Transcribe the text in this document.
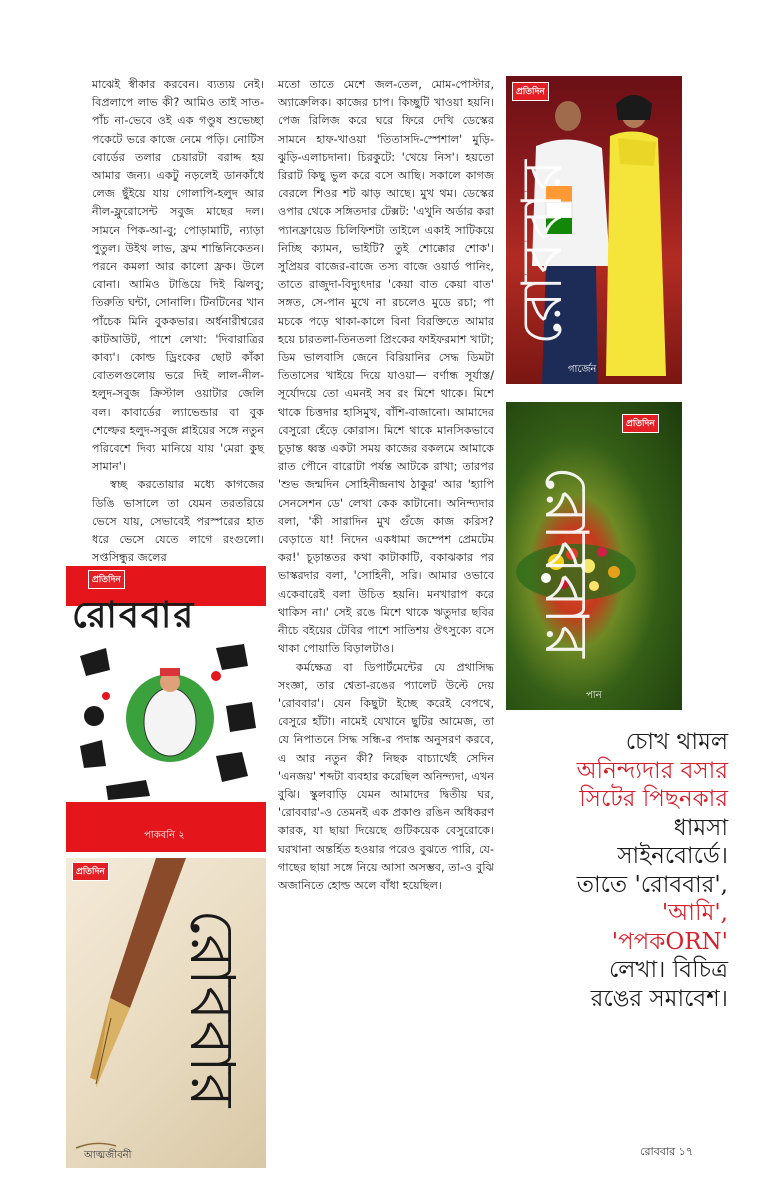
মাঝেই স্বীকার করবেন। ব্যত্যয় নেই। বিপ্রলাপে লাভ কী? আমিও তাই সাত-পাঁচ না-ভেবে ওই এক গণ্ডুষ শুভেচ্ছা পকেটে ভরে কাজে নেমে পড়ি। নোটিস বোর্ডের তলার চেয়ারটা বরাদ্দ হয় আমার জন্য। একটু নড়লেই ডানকাঁধে লেজ ছুঁইয়ে যায় গোলাপি-হলুদ আর নীল-ফ্লুরোসেন্ট সবুজ মাছের দল। সামনে পিক-আ-বু; পোড়ামাটি, ন্যাড়া পুতুল। উইথ লাভ, ফ্রম শান্তিনিকেতন। পরনে কমলা আর কালো ফ্রক। উলে বোনা। আমিও টাঙিয়ে দিই ঝিলবু; তিরুতি ঘন্টা, সোনালি। টিনটিনের খান পাঁচেক মিনি বুককভার। অর্ধনারীশ্বরের কাটআউট, পাশে লেখা: 'দিবারাত্রির কাব্য'। কোল্ড ড্রিংকের ছোট কাঁকা বোতলগুলোয় ভরে দিই লাল-নীল-হলুদ-সবুজ ক্রিস্টাল ওয়াটার জেলি বল। কাবার্ডের ল্যাভেন্ডার বা বুক শেল্ফের হলুদ-সবুজ প্লাইয়ের সঙ্গে নতুন পরিবেশে দিব্য মানিয়ে যায় 'মেরা কুছ সামান'।

স্বচ্ছ করতোয়ার মধ্যে কাগজের ডিঙি ভাসালে তা যেমন তরতরিয়ে ভেসে যায়, সেভাবেই পরস্পরের হাত ধরে ভেসে যেতে লাগে রংগুলো। সপ্তসিন্ধুর জলের

মতো তাতে মেশে জল-তেল, মোম-পোস্টার, অ্যাক্রেলিক। কাজের চাপ। কিচ্ছুটি খাওয়া হয়নি। পেজ রিলিজ করে ঘরে ফিরে দেখি ডেস্কের সামনে হাফ-খাওয়া 'তিতাসদি-স্পেশাল' মুড়ি-ঝুড়ি-এলাচদানা। চিরকুটে: 'খেয়ে নিস'। হয়তো রিরাট কিছু ভুল করে বসে আছি। সকালে কাগজ বেরলে শিওর শট ঝাড় আছে। মুখ থম। ডেস্কের ওপার থেকে সঙ্গিতদার টেক্সট: 'এখুনি অর্ডার করা প্যানফ্রায়েড চিলিফিশটা তাইলে একাই সাটিকয়ে নিচ্ছি ক্যামন, ভাইটি? তুই শোক্কোর শোক'। সুপ্রিয়র বাজের-বাজে তস্য বাজে ওয়ার্ড পানিং, তাতে রাজুদা-বিদ্যুৎদার 'কেয়া বাত কেয়া বাত' সঙ্গত, সে-পান মুখে না রচলেও মুডে রচা; পা মচকে পড়ে থাকা-কালে বিনা বিরক্তিতে আমার হয়ে চারতলা-তিনতলা প্রিংকের ফাইফরমাশ খাটা; ডিম ভালবাসি জেনে বিরিয়ানির সেদ্ধ ডিমটা তিতাসের খাইয়ে দিয়ে যাওয়া— বর্ণান্ধ সূর্যাস্ত/ সূর্যোদয়ে তো এমনই সব রং মিশে থাকে। মিশে থাকে চিত্তদার হাসিমুখ, বাঁশি-বাজানো। আমাদের বেসুরো হেঁড়ে কোরাস। মিশে থাকে মানসিকভাবে চূড়ান্ত ধ্বস্ত একটা সময় কাজের বকলমে আমাকে রাত পৌনে বারোটা পর্যন্ত আটকে রাখা; তারপর 'শুভ জন্মদিন সোহিনীন্দ্রনাথ ঠাকুর' আর 'হ্যাপি সেনসেশন ডে' লেখা কেক কাটানো। অনিন্দ্যদার বলা, 'কী সারাদিন মুখ গুঁজে কাজ করিস? বেড়াতে যা! নিদেন একধামা জম্পেশ প্রেমটেম কর!' চূড়ান্ততর কথা কাটাকাটি, বকাঝকার পর ভাস্করদার বলা, 'সোহিনী, সরি। আমার ওভাবে একেবারেই বলা উচিত হয়নি। মনখারাপ করে থাকিস না।' সেই রঙে মিশে থাকে ঋতুদার ছবির নীচে বইয়ের টেবির পাশে সাতিশয় ঔৎসুক্যে বসে থাকা পোয়াতি বিড়ালটাও।

কর্মক্ষেত্র বা ডিপার্টমেন্টের যে প্রথাসিদ্ধ সংজ্ঞা, তার শ্বেতা-রঙের প্যালেট উল্টে দেয় 'রোববার'। যেন কিছুটা ইচ্ছে করেই বেপথে, বেসুরে হাঁটা। নামেই যেখানে ছুটির আমেজ, তা যে নিপাতনে সিদ্ধ সন্ধি-র পদাঙ্ক অনুসরণ করবে, এ আর নতুন কী? নিছক বাচ্যার্থেই সেদিন 'এনজয়' শব্দটা ব্যবহার করেছিল অনিন্দ্যদা, এখন বুঝি। স্কুলবাড়ি যেমন আমাদের দ্বিতীয় ঘর, 'রোববার'-ও তেমনই এক প্রকাণ্ড রঙিন অধিকরণ কারক, যা ছায়া দিয়েছে গুটিকয়েক বেসুরোকে। ঘরখানা অন্তর্হিত হওয়ার পরেও বুঝতে পারি, যে-গাছের ছায়া সঙ্গে নিয়ে আসা অসম্ভব, তা-ও বুঝি অজানিতে হোল্ড অলে বাঁধা হয়েছিল।

রোববার
প্রতিদিন
গার্জেন
রোববার
প্রতিদিন
পান
প্রতিদিন
রোববার
পাকবনি ২
রোববার
প্রতিদিন
আত্মজীবনী
চোখ থামল
অনিন্দ্যদার বসার
সিটের পিছনকার
ধামসা
সাইনবোর্ডে।
তাতে 'রোববার',
'আমি',
'পপকORN'
লেখা। বিচিত্র
রঙের সমাবেশ।
রোববার ১৭
